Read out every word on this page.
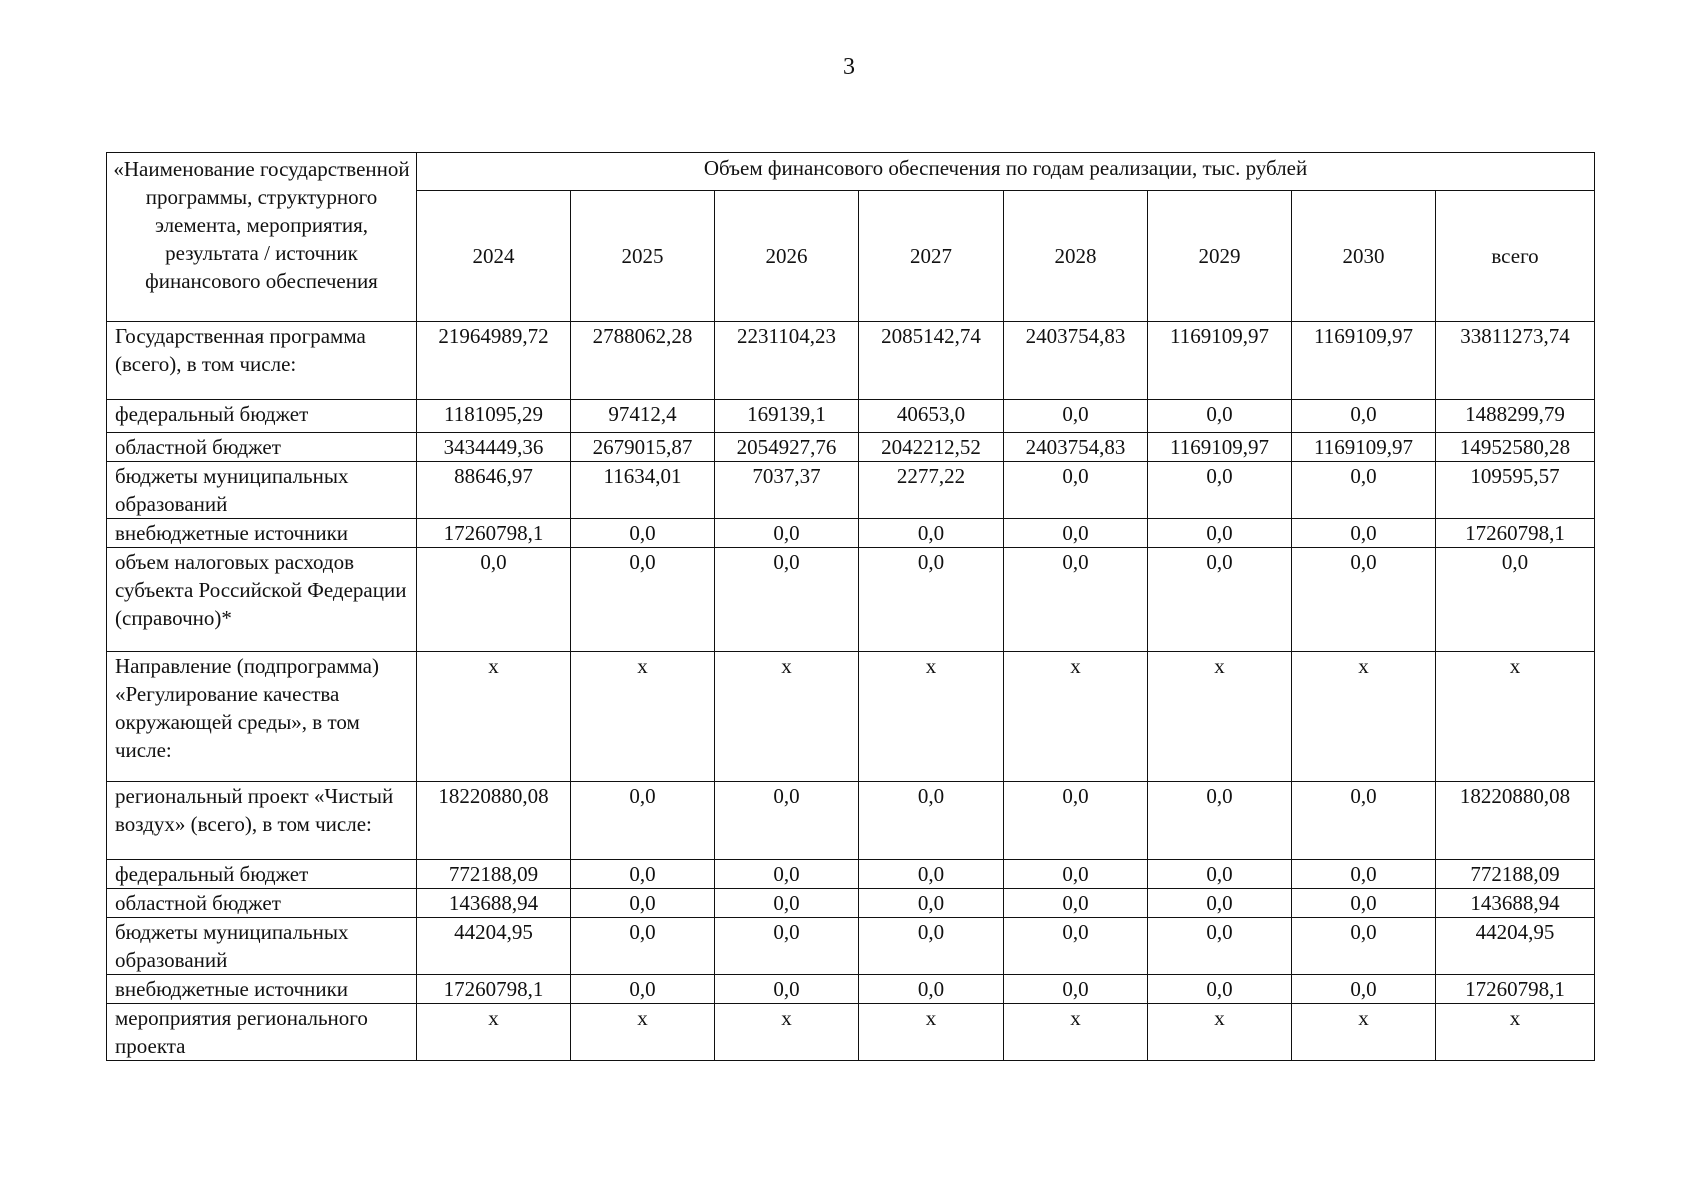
3
«Наименование государственной программы, структурного элемента, мероприятия, результата / источник финансового обеспечения	Объем финансового обеспечения по годам реализации, тыс. рублей							
	2024	2025	2026	2027	2028	2029	2030	всего
Государственная программа (всего), в том числе:	21964989,72	2788062,28	2231104,23	2085142,74	2403754,83	1169109,97	1169109,97	33811273,74
федеральный бюджет	1181095,29	97412,4	169139,1	40653,0	0,0	0,0	0,0	1488299,79
областной бюджет	3434449,36	2679015,87	2054927,76	2042212,52	2403754,83	1169109,97	1169109,97	14952580,28
бюджеты муниципальных образований	88646,97	11634,01	7037,37	2277,22	0,0	0,0	0,0	109595,57
внебюджетные источники	17260798,1	0,0	0,0	0,0	0,0	0,0	0,0	17260798,1
объем налоговых расходов субъекта Российской Федерации (справочно)*	0,0	0,0	0,0	0,0	0,0	0,0	0,0	0,0
Направление (подпрограмма) «Регулирование качества окружающей среды», в том числе:	х	х	х	х	х	х	х	х
региональный проект «Чистый воздух» (всего), в том числе:	18220880,08	0,0	0,0	0,0	0,0	0,0	0,0	18220880,08
федеральный бюджет	772188,09	0,0	0,0	0,0	0,0	0,0	0,0	772188,09
областной бюджет	143688,94	0,0	0,0	0,0	0,0	0,0	0,0	143688,94
бюджеты муниципальных образований	44204,95	0,0	0,0	0,0	0,0	0,0	0,0	44204,95
внебюджетные источники	17260798,1	0,0	0,0	0,0	0,0	0,0	0,0	17260798,1
мероприятия регионального проекта	х	х	х	х	х	х	х	х
